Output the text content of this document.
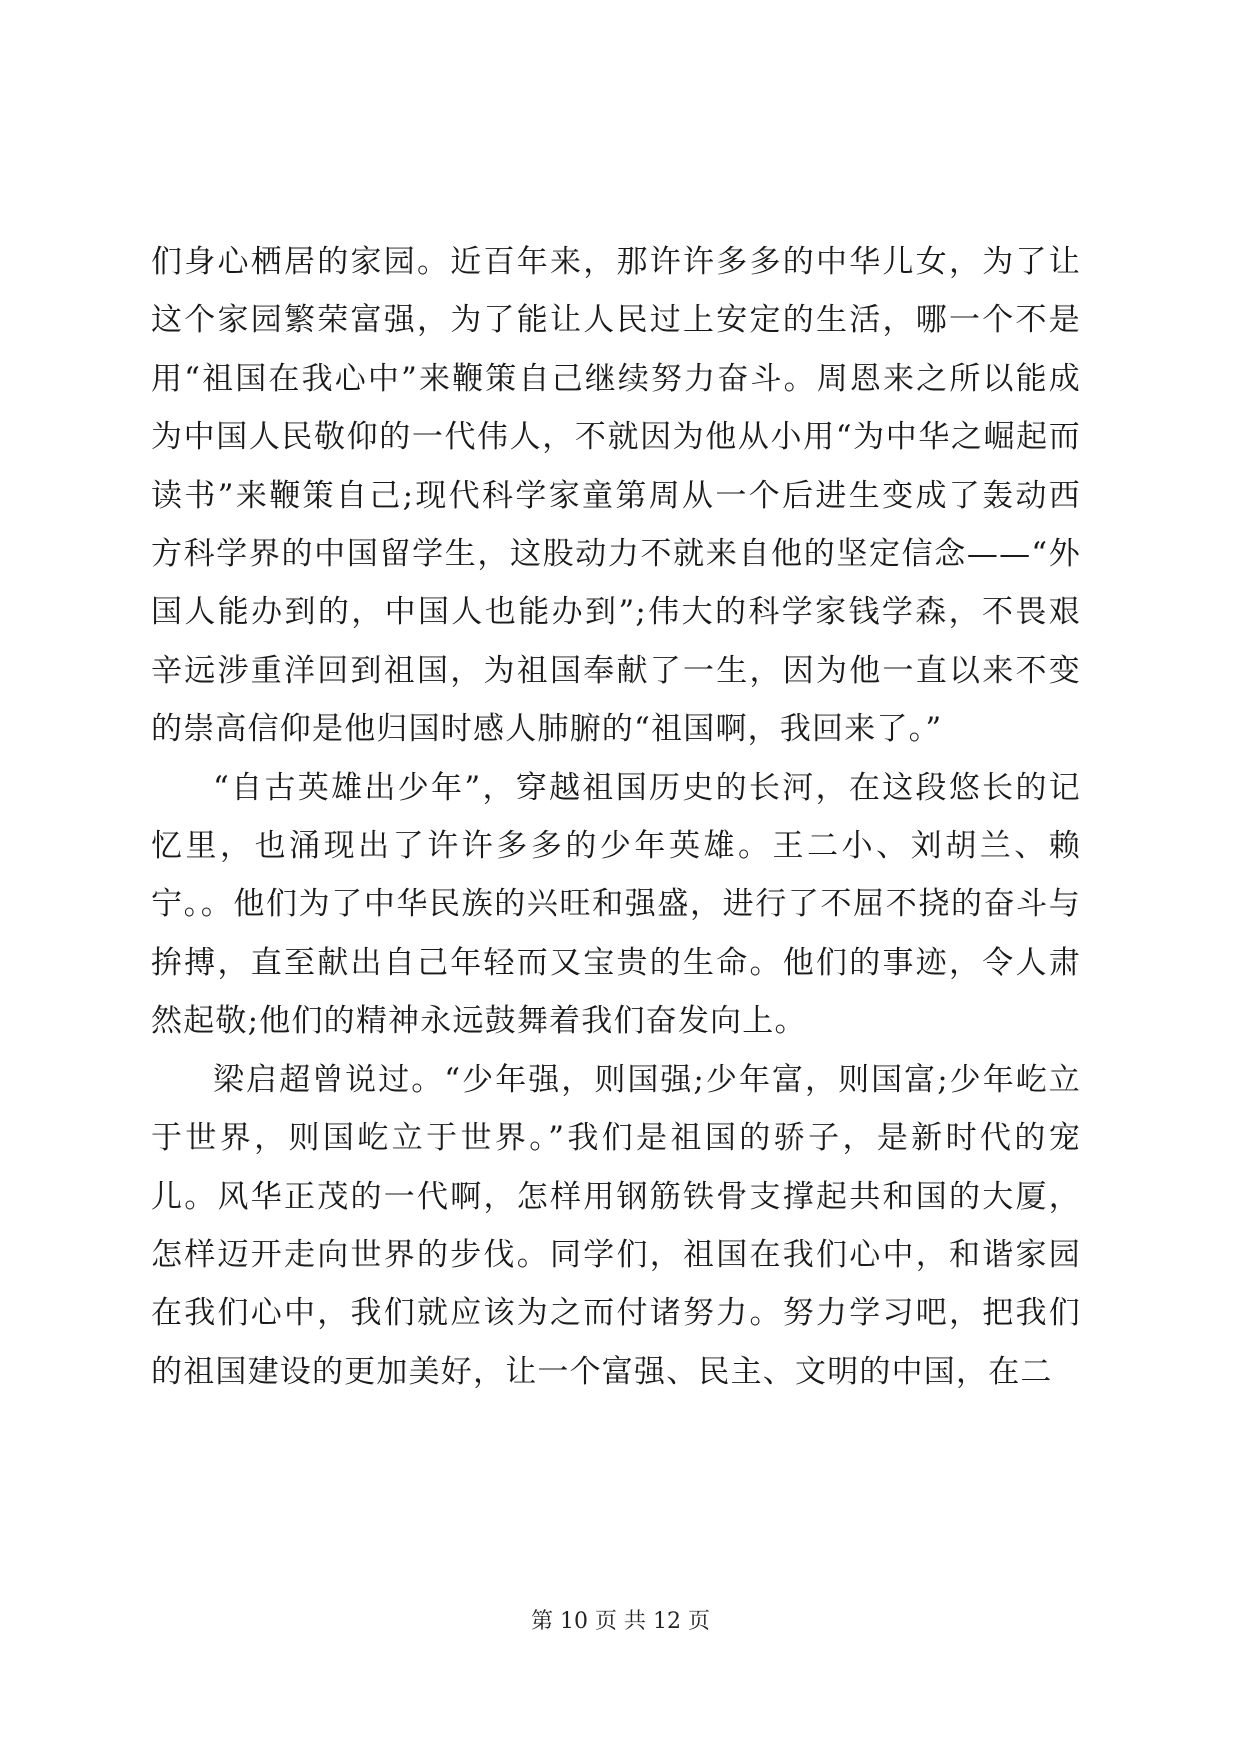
们身心栖居的家园。近百年来，那许许多多的中华儿女，为了让这个家园繁荣富强，为了能让人民过上安定的生活，哪一个不是用“祖国在我心中”来鞭策自己继续努力奋斗。周恩来之所以能成为中国人民敬仰的一代伟人，不就因为他从小用“为中华之崛起而读书”来鞭策自己;现代科学家童第周从一个后进生变成了轰动西方科学界的中国留学生，这股动力不就来自他的坚定信念——“外国人能办到的，中国人也能办到”;伟大的科学家钱学森，不畏艰辛远涉重洋回到祖国，为祖国奉献了一生，因为他一直以来不变的崇高信仰是他归国时感人肺腑的“祖国啊，我回来了。”

“自古英雄出少年”，穿越祖国历史的长河，在这段悠长的记忆里，也涌现出了许许多多的少年英雄。王二小、刘胡兰、赖宁。。他们为了中华民族的兴旺和强盛，进行了不屈不挠的奋斗与拚搏，直至献出自己年轻而又宝贵的生命。他们的事迹，令人肃然起敬;他们的精神永远鼓舞着我们奋发向上。

梁启超曾说过。“少年强，则国强;少年富，则国富;少年屹立于世界，则国屹立于世界。”我们是祖国的骄子，是新时代的宠儿。风华正茂的一代啊，怎样用钢筋铁骨支撑起共和国的大厦，怎样迈开走向世界的步伐。同学们，祖国在我们心中，和谐家园在我们心中，我们就应该为之而付诸努力。努力学习吧，把我们的祖国建设的更加美好，让一个富强、民主、文明的中国，在二

第 10 页 共 12 页
